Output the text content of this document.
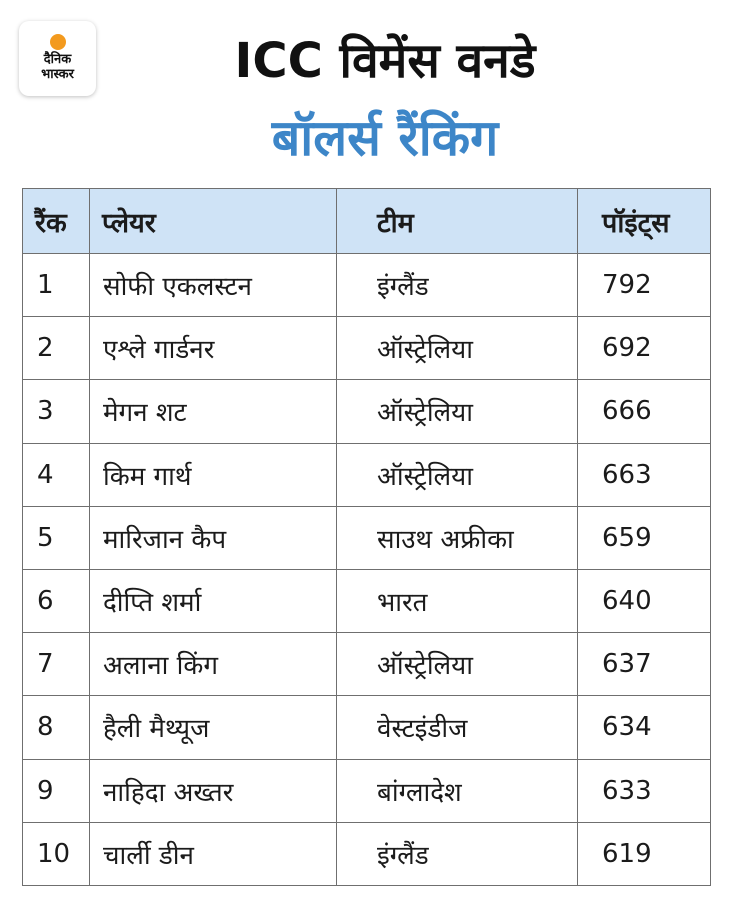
दैनिक
भास्कर	ICC विमेंस वनडे
बॉलर्स रैंकिंग
रैंक	प्लेयर	टीम	पॉइंट्स
1	सोफी एकलस्टन	इंग्लैंड	792
2	एश्ले गार्डनर	ऑस्ट्रेलिया	692
3	मेगन शट	ऑस्ट्रेलिया	666
4	किम गार्थ	ऑस्ट्रेलिया	663
5	मारिजान कैप	साउथ अफ्रीका	659
6	दीप्ति शर्मा	भारत	640
7	अलाना किंग	ऑस्ट्रेलिया	637
8	हैली मैथ्यूज	वेस्टइंडीज	634
9	नाहिदा अख्तर	बांग्लादेश	633
10	चार्ली डीन	इंग्लैंड	619
